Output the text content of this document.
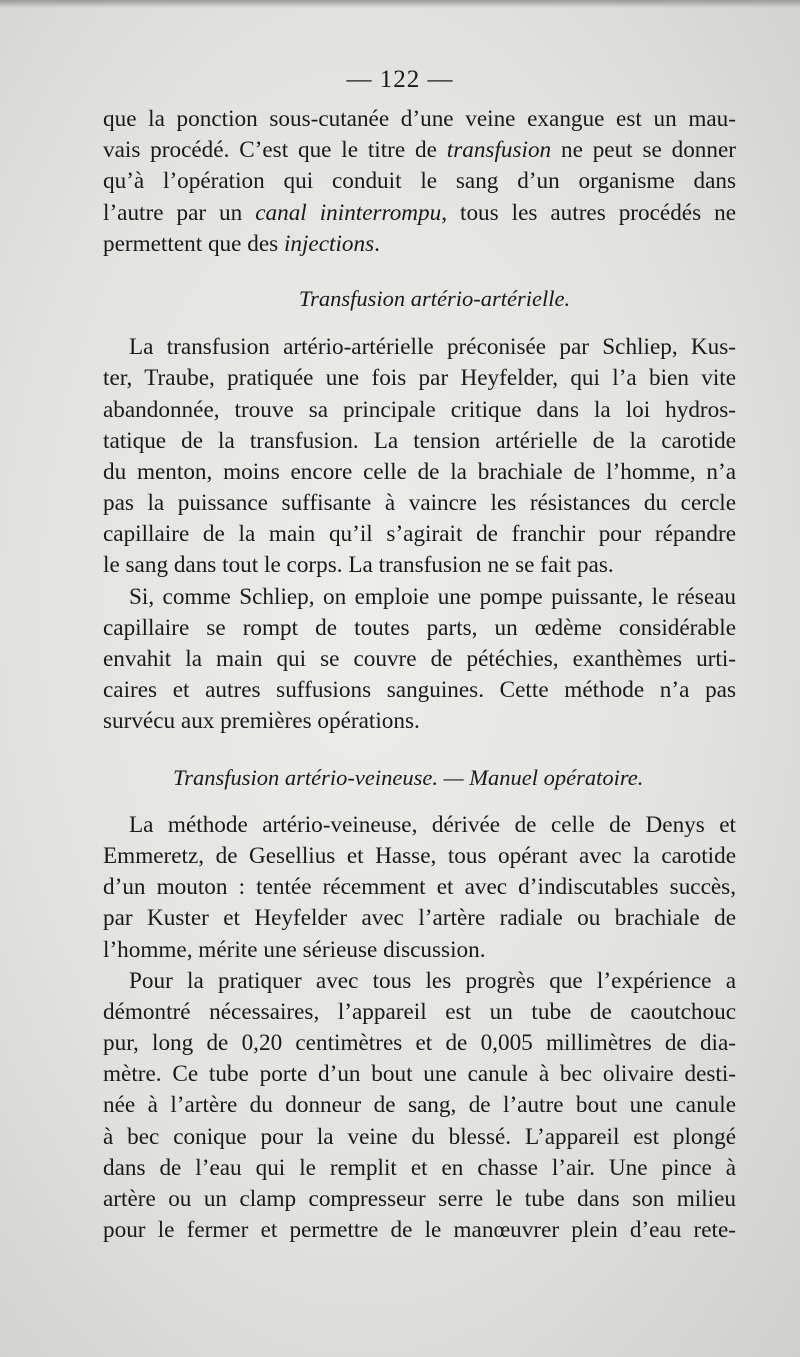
— 122 —
que la ponction sous-cutanée d’une veine exangue est un mau-
vais procédé. C’est que le titre de transfusion ne peut se donner
qu’à l’opération qui conduit le sang d’un organisme dans
l’autre par un canal ininterrompu, tous les autres procédés ne
permettent que des injections.
Transfusion artério-artérielle.
La transfusion artério-artérielle préconisée par Schliep, Kus-
ter, Traube, pratiquée une fois par Heyfelder, qui l’a bien vite
abandonnée, trouve sa principale critique dans la loi hydros-
tatique de la transfusion. La tension artérielle de la carotide
du menton, moins encore celle de la brachiale de l’homme, n’a
pas la puissance suffisante à vaincre les résistances du cercle
capillaire de la main qu’il s’agirait de franchir pour répandre
le sang dans tout le corps. La transfusion ne se fait pas.
Si, comme Schliep, on emploie une pompe puissante, le réseau
capillaire se rompt de toutes parts, un œdème considérable
envahit la main qui se couvre de pétéchies, exanthèmes urti-
caires et autres suffusions sanguines. Cette méthode n’a pas
survécu aux premières opérations.
Transfusion artério-veineuse. — Manuel opératoire.
La méthode artério-veineuse, dérivée de celle de Denys et
Emmeretz, de Gesellius et Hasse, tous opérant avec la carotide
d’un mouton : tentée récemment et avec d’indiscutables succès,
par Kuster et Heyfelder avec l’artère radiale ou brachiale de
l’homme, mérite une sérieuse discussion.
Pour la pratiquer avec tous les progrès que l’expérience a
démontré nécessaires, l’appareil est un tube de caoutchouc
pur, long de 0,20 centimètres et de 0,005 millimètres de dia-
mètre. Ce tube porte d’un bout une canule à bec olivaire desti-
née à l’artère du donneur de sang, de l’autre bout une canule
à bec conique pour la veine du blessé. L’appareil est plongé
dans de l’eau qui le remplit et en chasse l’air. Une pince à
artère ou un clamp compresseur serre le tube dans son milieu
pour le fermer et permettre de le manœuvrer plein d’eau rete-
